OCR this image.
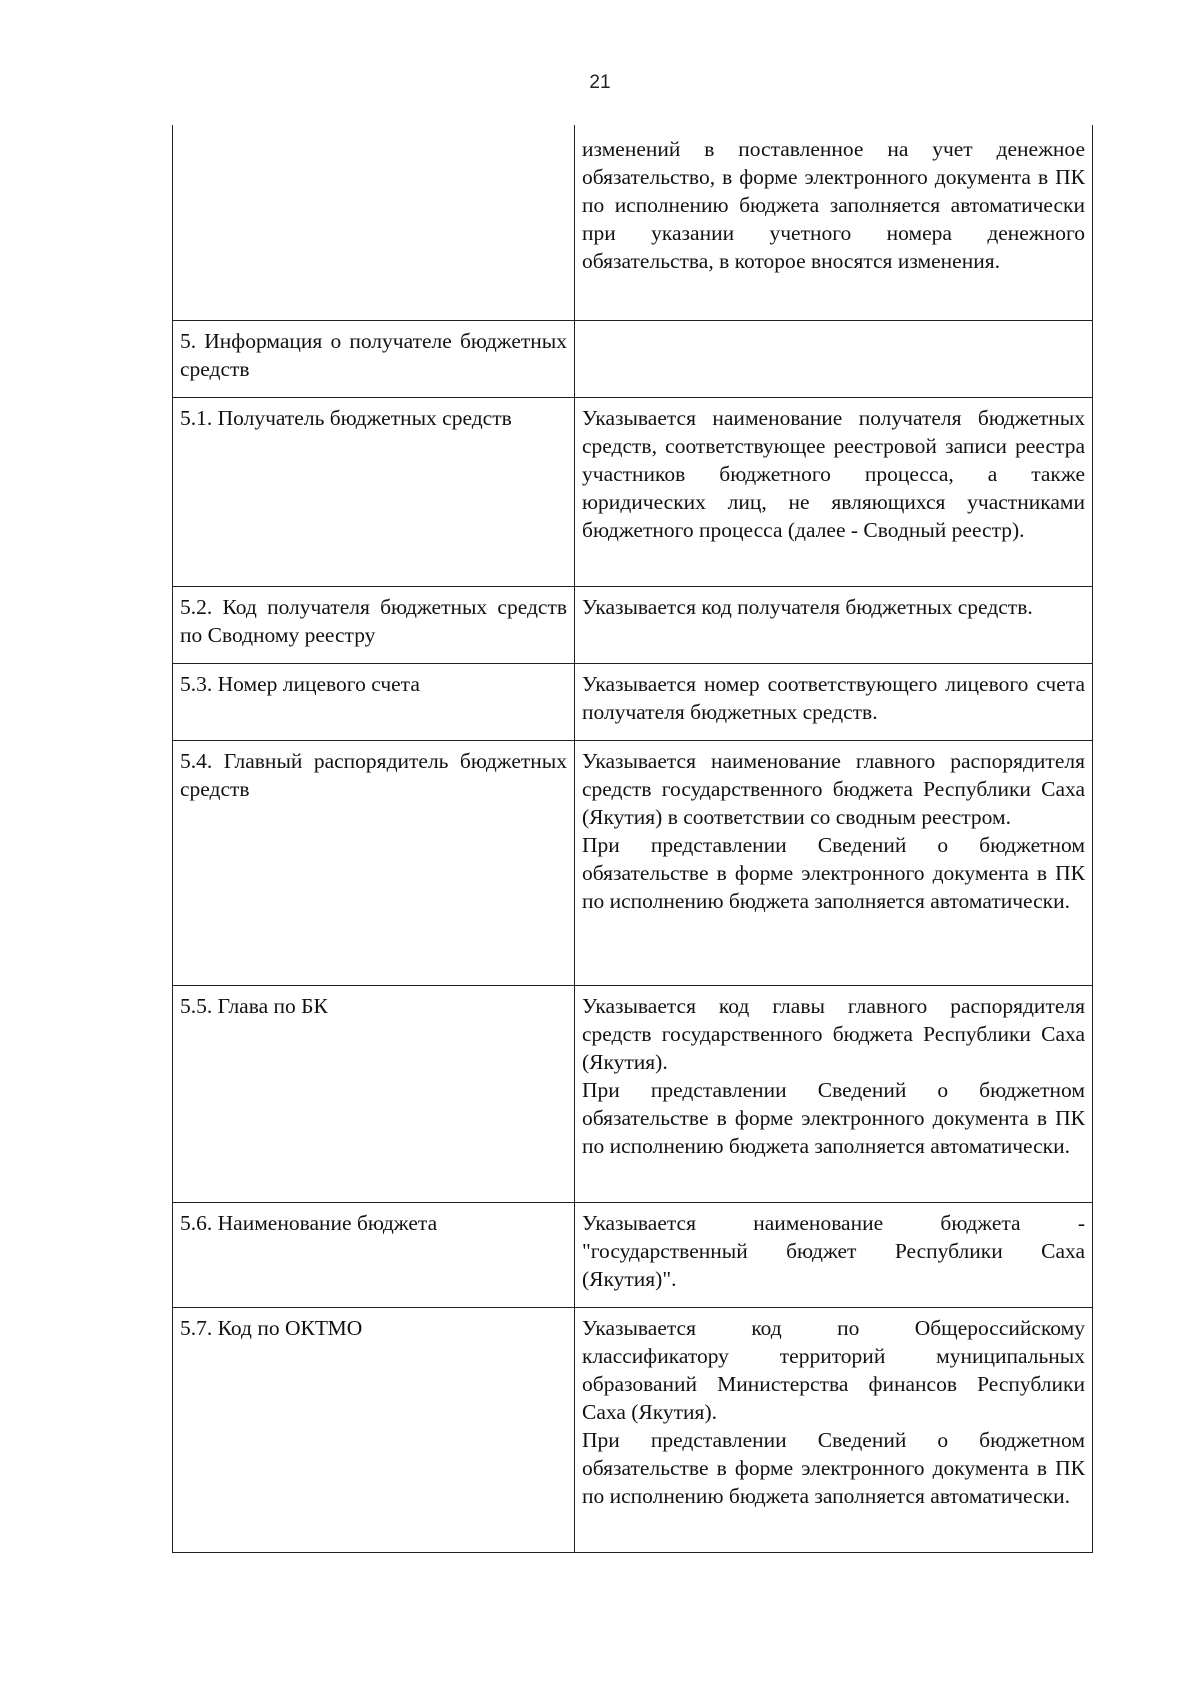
21

	изменений в поставленное на учет денежное обязательство, в форме электронного документа в ПК по исполнению бюджета заполняется автоматически при указании учетного номера денежного обязательства, в которое вносятся изменения.

5. Информация о получателе бюджетных средств	

5.1. Получатель бюджетных средств	Указывается наименование получателя бюджетных средств, соответствующее реестровой записи реестра участников бюджетного процесса, а также юридических лиц, не являющихся участниками бюджетного процесса (далее - Сводный реестр).

5.2. Код получателя бюджетных средств по Сводному реестру	Указывается код получателя бюджетных средств.

5.3. Номер лицевого счета	Указывается номер соответствующего лицевого счета получателя бюджетных средств.

5.4. Главный распорядитель бюджетных средств	Указывается наименование главного распорядителя средств государственного бюджета Республики Саха (Якутия) в соответствии со сводным реестром.
При представлении Сведений о бюджетном обязательстве в форме электронного документа в ПК по исполнению бюджета заполняется автоматически.

5.5. Глава по БК	Указывается код главы главного распорядителя средств государственного бюджета Республики Саха (Якутия).
При представлении Сведений о бюджетном обязательстве в форме электронного документа в ПК по исполнению бюджета заполняется автоматически.

5.6. Наименование бюджета	Указывается наименование бюджета - "государственный бюджет Республики Саха (Якутия)".

5.7. Код по ОКТМО	Указывается код по Общероссийскому классификатору территорий муниципальных образований Министерства финансов Республики Саха (Якутия).
При представлении Сведений о бюджетном обязательстве в форме электронного документа в ПК по исполнению бюджета заполняется автоматически.
